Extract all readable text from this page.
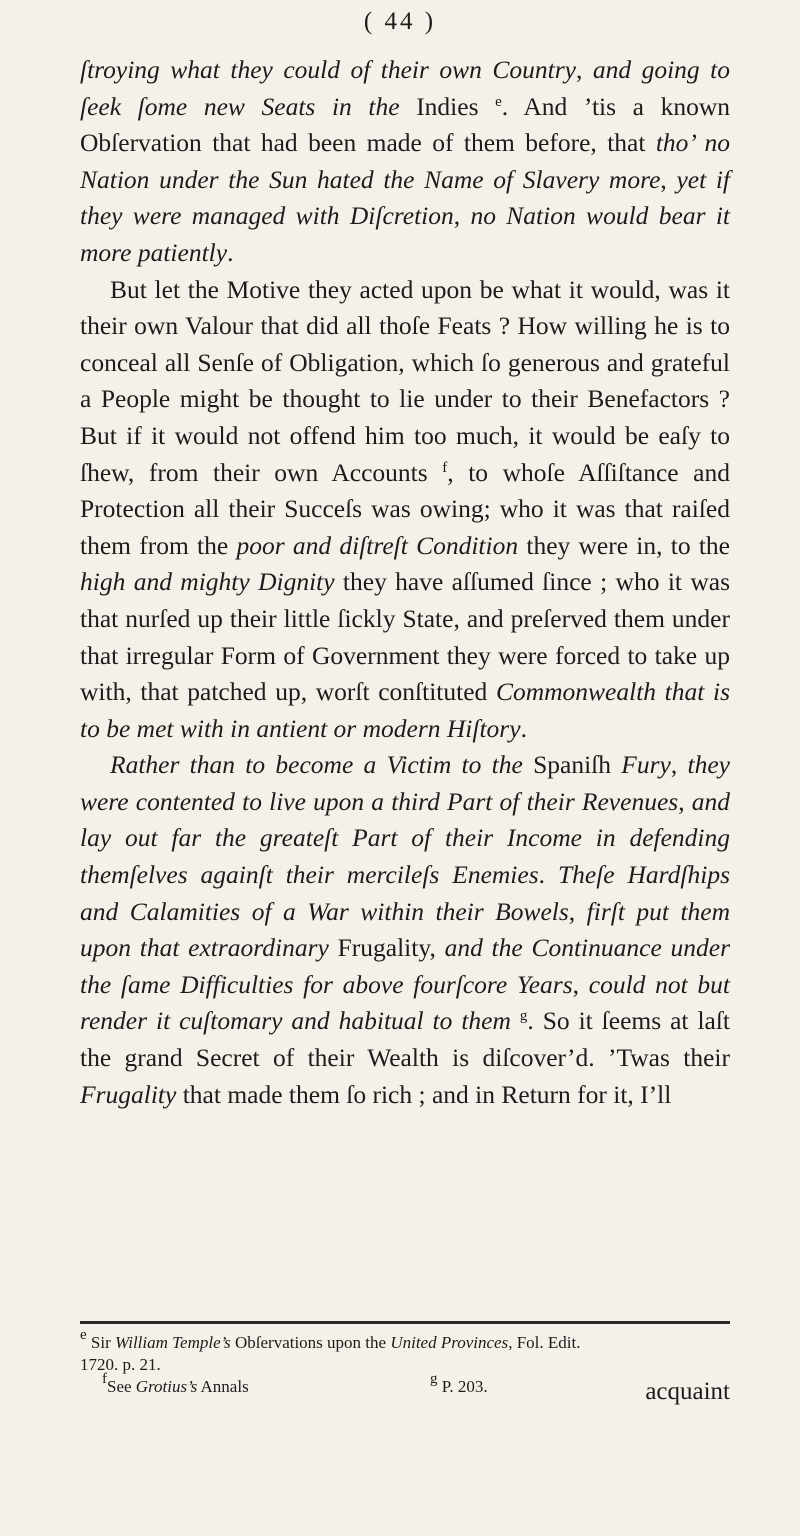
( 44 )

ſtroying what they could of their own Country, and going to ſeek ſome new Seats in the Indies $^e$. And ’tis a known Obſervation that had been made of them before, that tho’ no Nation under the Sun hated the Name of Slavery more, yet if they were managed with Diſcretion, no Nation would bear it more patiently.

But let the Motive they acted upon be what it would, was it their own Valour that did all thoſe Feats ? How willing he is to conceal all Senſe of Obligation, which ſo generous and grateful a People might be thought to lie under to their Benefactors ? But if it would not offend him too much, it would be eaſy to ſhew, from their own Accounts $^f$, to whoſe Aſſiſtance and Protection all their Succeſs was owing; who it was that raiſed them from the poor and diſtreſt Condition they were in, to the high and mighty Dignity they have aſſumed ſince ; who it was that nurſed up their little ſickly State, and preſerved them under that irregular Form of Government they were forced to take up with, that patched up, worſt conſtituted Commonwealth that is to be met with in antient or modern Hiſtory.

Rather than to become a Victim to the Spaniſh Fury, they were contented to live upon a third Part of their Revenues, and lay out far the greateſt Part of their Income in defending themſelves againſt their mercileſs Enemies. Theſe Hardſhips and Calamities of a War within their Bowels, firſt put them upon that extraordinary Frugality, and the Continuance under the ſame Difficulties for above fourſcore Years, could not but render it cuſtomary and habitual to them $^g$. So it ſeems at laſt the grand Secret of their Wealth is diſcover’d. ’Twas their Frugality that made them ſo rich ; and in Return for it, I’ll

$^e$ Sir William Temple’s Obſervations upon the United Provinces, Fol. Edit.
1720. p. 21.
$^f$See Grotius’s Annals	$^g$ P. 203.	acquaint
